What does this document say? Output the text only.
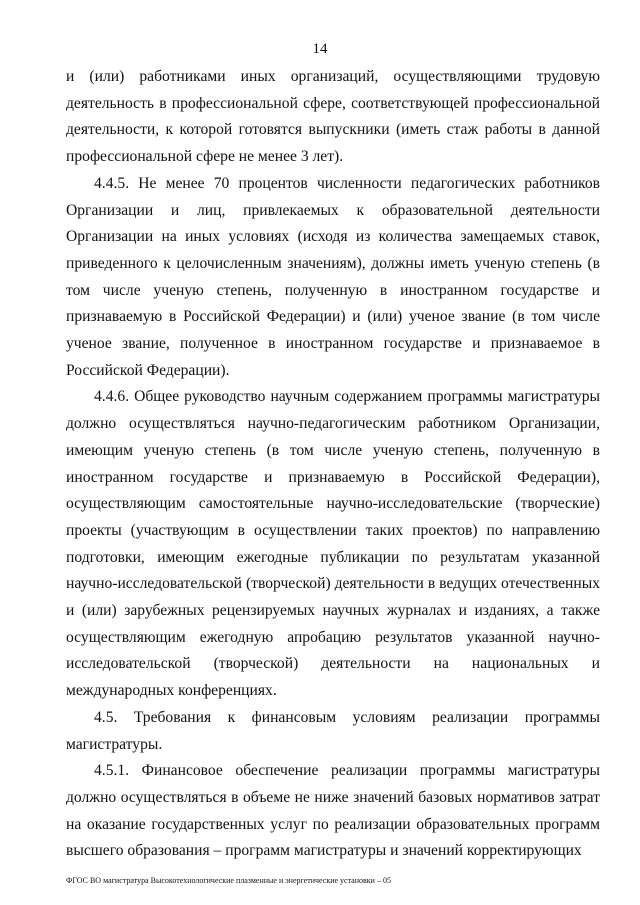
14

и (или) работниками иных организаций, осуществляющими трудовую деятельность в профессиональной сфере, соответствующей профессиональной деятельности, к которой готовятся выпускники (иметь стаж работы в данной профессиональной сфере не менее 3 лет).

4.4.5. Не менее 70 процентов численности педагогических работников Организации и лиц, привлекаемых к образовательной деятельности Организации на иных условиях (исходя из количества замещаемых ставок, приведенного к целочисленным значениям), должны иметь ученую степень (в том числе ученую степень, полученную в иностранном государстве и признаваемую в Российской Федерации) и (или) ученое звание (в том числе ученое звание, полученное в иностранном государстве и признаваемое в Российской Федерации).

4.4.6. Общее руководство научным содержанием программы магистратуры должно осуществляться научно-педагогическим работником Организации, имеющим ученую степень (в том числе ученую степень, полученную в иностранном государстве и признаваемую в Российской Федерации), осуществляющим самостоятельные научно-исследовательские (творческие) проекты (участвующим в осуществлении таких проектов) по направлению подготовки, имеющим ежегодные публикации по результатам указанной научно-исследовательской (творческой) деятельности в ведущих отечественных и (или) зарубежных рецензируемых научных журналах и изданиях, а также осуществляющим ежегодную апробацию результатов указанной научно-исследовательской (творческой) деятельности на национальных и международных конференциях.

4.5. Требования к финансовым условиям реализации программы магистратуры.

4.5.1. Финансовое обеспечение реализации программы магистратуры должно осуществляться в объеме не ниже значений базовых нормативов затрат на оказание государственных услуг по реализации образовательных программ высшего образования – программ магистратуры и значений корректирующих

ФГОС ВО магистратура Высокотехнологические плазменные и энергетические установки – 05
